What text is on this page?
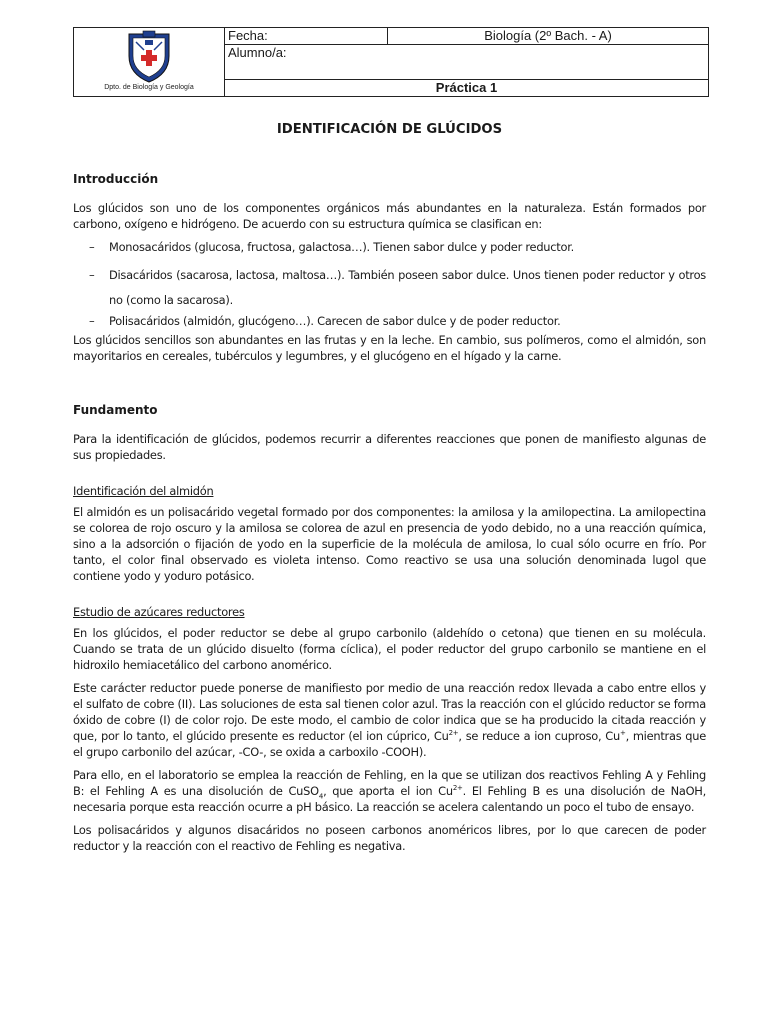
Dpto. de Biología y Geología
Fecha:	Biología (2º Bach. - A)
Alumno/a:
Práctica 1
IDENTIFICACIÓN DE GLÚCIDOS
Introducción

Los glúcidos son uno de los componentes orgánicos más abundantes en la naturaleza. Están formados por carbono, oxígeno e hidrógeno. De acuerdo con su estructura química se clasifican en:

– Monosacáridos (glucosa, fructosa, galactosa…). Tienen sabor dulce y poder reductor.
– Disacáridos (sacarosa, lactosa, maltosa…). También poseen sabor dulce. Unos tienen poder reductor y otros no (como la sacarosa).
– Polisacáridos (almidón, glucógeno…). Carecen de sabor dulce y de poder reductor.

Los glúcidos sencillos son abundantes en las frutas y en la leche. En cambio, sus polímeros, como el almidón, son mayoritarios en cereales, tubérculos y legumbres, y el glucógeno en el hígado y la carne.

Fundamento

Para la identificación de glúcidos, podemos recurrir a diferentes reacciones que ponen de manifiesto algunas de sus propiedades.

Identificación del almidón

El almidón es un polisacárido vegetal formado por dos componentes: la amilosa y la amilopectina. La amilopectina se colorea de rojo oscuro y la amilosa se colorea de azul en presencia de yodo debido, no a una reacción química, sino a la adsorción o fijación de yodo en la superficie de la molécula de amilosa, lo cual sólo ocurre en frío. Por tanto, el color final observado es violeta intenso. Como reactivo se usa una solución denominada lugol que contiene yodo y yoduro potásico.

Estudio de azúcares reductores

En los glúcidos, el poder reductor se debe al grupo carbonilo (aldehído o cetona) que tienen en su molécula. Cuando se trata de un glúcido disuelto (forma cíclica), el poder reductor del grupo carbonilo se mantiene en el hidroxilo hemiacetálico del carbono anomérico.

Este carácter reductor puede ponerse de manifiesto por medio de una reacción redox llevada a cabo entre ellos y el sulfato de cobre (II). Las soluciones de esta sal tienen color azul. Tras la reacción con el glúcido reductor se forma óxido de cobre (I) de color rojo. De este modo, el cambio de color indica que se ha producido la citada reacción y que, por lo tanto, el glúcido presente es reductor (el ion cúprico, $Cu^{2+}$, se reduce a ion cuproso, Cu+, mientras que el grupo carbonilo del azúcar, -CO-, se oxida a carboxilo -COOH).

Para ello, en el laboratorio se emplea la reacción de Fehling, en la que se utilizan dos reactivos Fehling A y Fehling B: el Fehling A es una disolución de CuSO$_4$, que aporta el ion $Cu^{2+}$. El Fehling B es una disolución de NaOH, necesaria porque esta reacción ocurre a pH básico. La reacción se acelera calentando un poco el tubo de ensayo.

Los polisacáridos y algunos disacáridos no poseen carbonos anoméricos libres, por lo que carecen de poder reductor y la reacción con el reactivo de Fehling es negativa.
